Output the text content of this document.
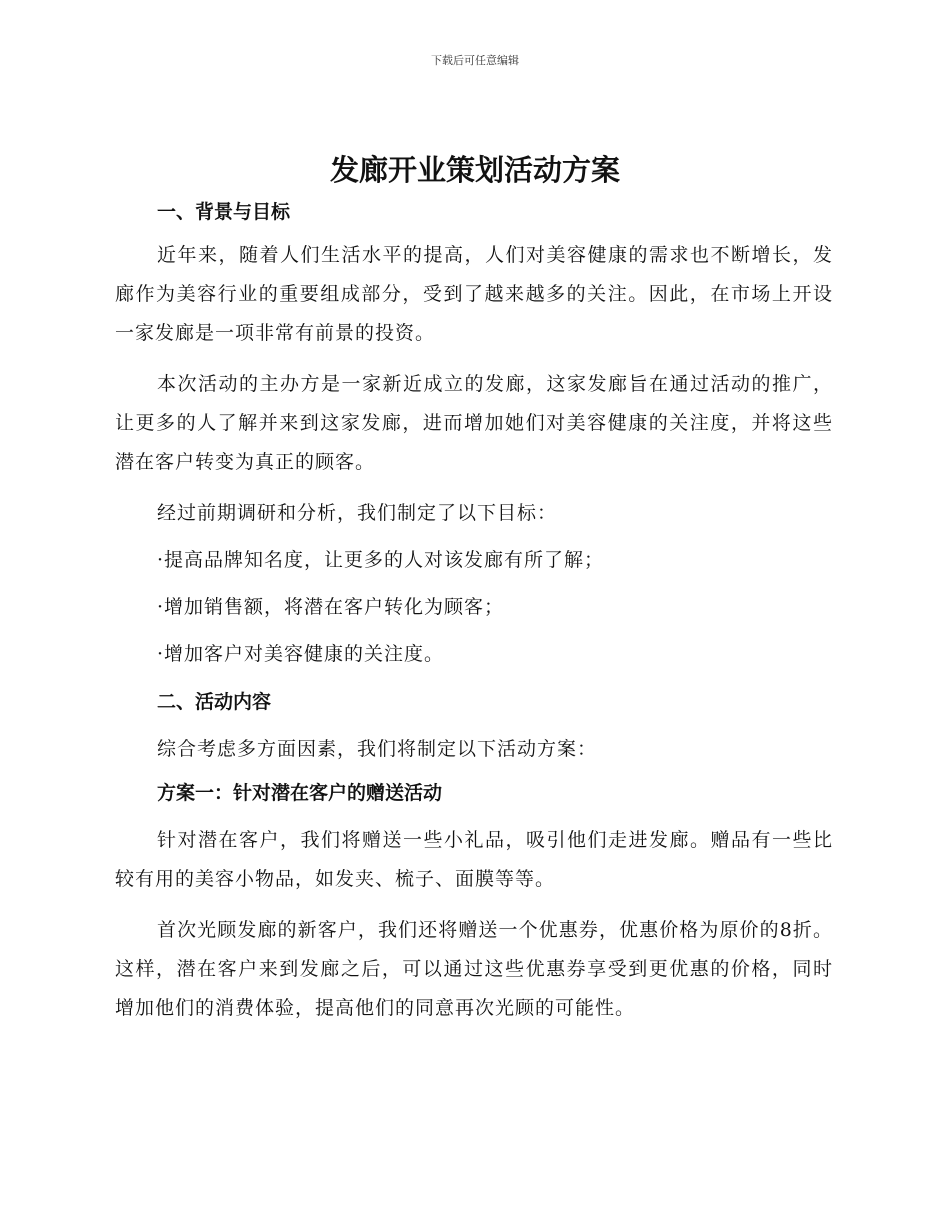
下载后可任意编辑
发廊开业策划活动方案
一、背景与目标

近年来，随着人们生活水平的提高，人们对美容健康的需求也不断增长，发廊作为美容行业的重要组成部分，受到了越来越多的关注。因此，在市场上开设一家发廊是一项非常有前景的投资。

本次活动的主办方是一家新近成立的发廊，这家发廊旨在通过活动的推广，让更多的人了解并来到这家发廊，进而增加她们对美容健康的关注度，并将这些潜在客户转变为真正的顾客。

经过前期调研和分析，我们制定了以下目标：

·提高品牌知名度，让更多的人对该发廊有所了解；

·增加销售额，将潜在客户转化为顾客；

·增加客户对美容健康的关注度。

二、活动内容

综合考虑多方面因素，我们将制定以下活动方案：

方案一：针对潜在客户的赠送活动

针对潜在客户，我们将赠送一些小礼品，吸引他们走进发廊。赠品有一些比较有用的美容小物品，如发夹、梳子、面膜等等。

首次光顾发廊的新客户，我们还将赠送一个优惠券，优惠价格为原价的8折。这样，潜在客户来到发廊之后，可以通过这些优惠券享受到更优惠的价格，同时增加他们的消费体验，提高他们的同意再次光顾的可能性。
